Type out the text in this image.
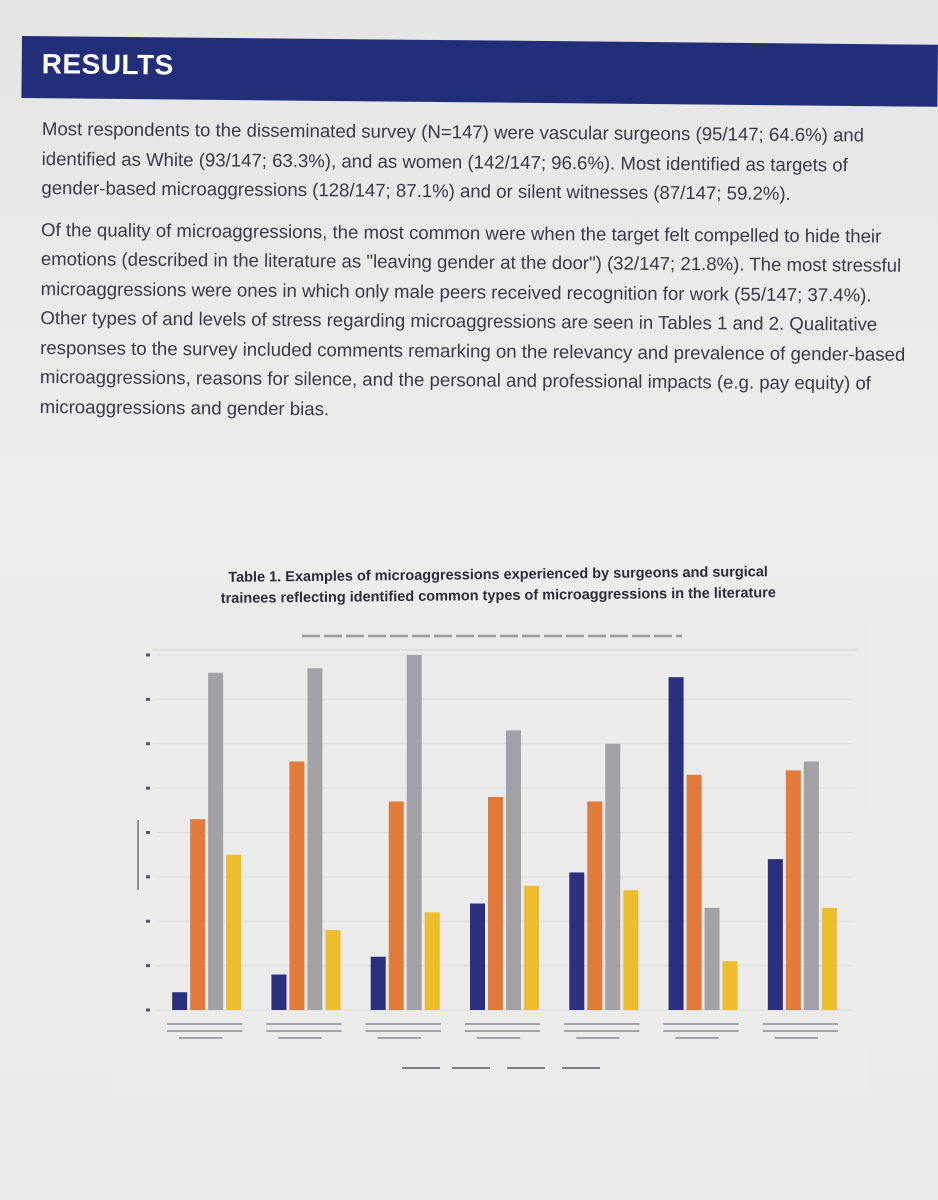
RESULTS

Most respondents to the disseminated survey (N=147) were vascular surgeons (95/147; 64.6%) and identified as White (93/147; 63.3%), and as women (142/147; 96.6%). Most identified as targets of gender-based microaggressions (128/147; 87.1%) and or silent witnesses (87/147; 59.2%).

Of the quality of microaggressions, the most common were when the target felt compelled to hide their emotions (described in the literature as "leaving gender at the door") (32/147; 21.8%). The most stressful microaggressions were ones in which only male peers received recognition for work (55/147; 37.4%). Other types of and levels of stress regarding microaggressions are seen in Tables 1 and 2. Qualitative responses to the survey included comments remarking on the relevancy and prevalence of gender-based microaggressions, reasons for silence, and the personal and professional impacts (e.g. pay equity) of microaggressions and gender bias.

Table 1. Examples of microaggressions experienced by surgeons and surgical
trainees reflecting identified common types of microaggressions in the literature
